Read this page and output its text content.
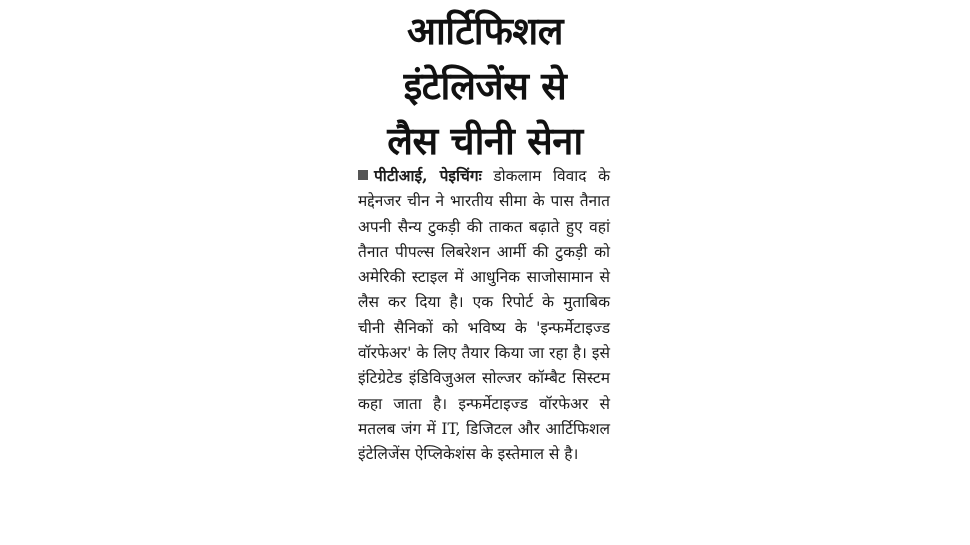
आर्टिफिशल
इंटेलिजेंस से
लैस चीनी सेना
पीटीआई, पेइचिंगः डोकलाम विवाद के मद्देनजर चीन ने भारतीय सीमा के पास तैनात अपनी सैन्य टुकड़ी की ताकत बढ़ाते हुए वहां तैनात पीपल्स लिबरेशन आर्मी की टुकड़ी को अमेरिकी स्टाइल में आधुनिक साजोसामान से लैस कर दिया है। एक रिपोर्ट के मुताबिक चीनी सैनिकों को भविष्य के 'इन्फर्मेटाइज्ड वॉरफेअर' के लिए तैयार किया जा रहा है। इसे इंटिग्रेटेड इंडिविजुअल सोल्जर कॉम्बैट सिस्टम कहा जाता है। इन्फर्मेटाइज्ड वॉरफेअर से मतलब जंग में IT, डिजिटल और आर्टिफिशल इंटेलिजेंस ऐप्लिकेशंस के इस्तेमाल से है।
